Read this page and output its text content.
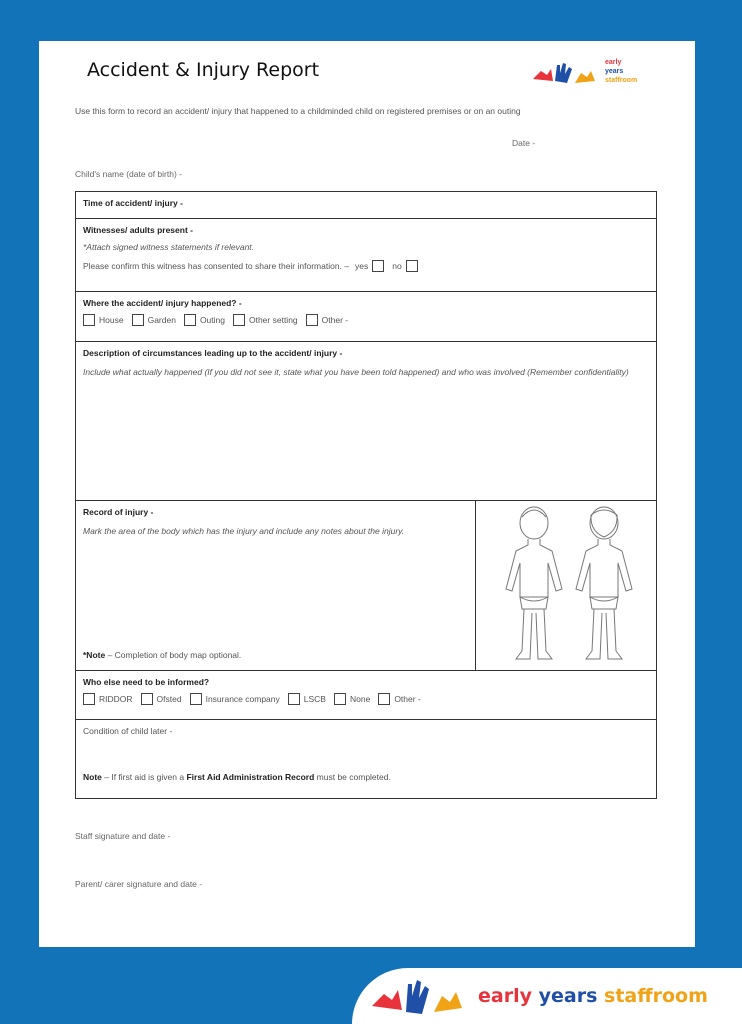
Accident & Injury Report	early
years
staffroom
Use this form to record an accident/ injury that happened to a childminded child on registered premises or on an outing
Date -
Child's name (date of birth) -
Time of accident/ injury -
Witnesses/ adults present -
*Attach signed witness statements if relevant.
Please confirm this witness has consented to share their information. – yes	no
Where the accident/ injury happened? -
House	Garden	Outing	Other setting	Other -
Description of circumstances leading up to the accident/ injury -
Include what actually happened (If you did not see it, state what you have been told happened) and who was involved (Remember confidentiality)
Record of injury -
Mark the area of the body which has the injury and include any notes about the injury.
*Note – Completion of body map optional.
Who else need to be informed?
RIDDOR	Ofsted	Insurance company	LSCB	None	Other -
Condition of child later -
Note – If first aid is given a First Aid Administration Record must be completed.
Staff signature and date -
Parent/ carer signature and date -
early years staffroom
